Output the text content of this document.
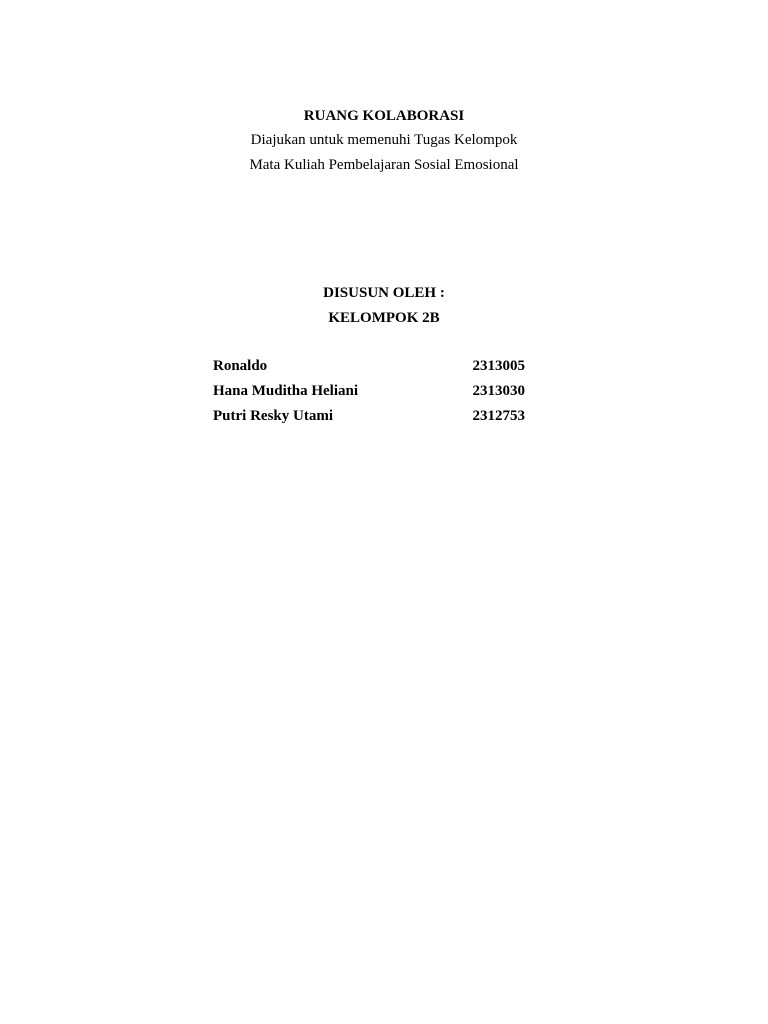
RUANG KOLABORASI
Diajukan untuk memenuhi Tugas Kelompok
Mata Kuliah Pembelajaran Sosial Emosional
DISUSUN OLEH :
KELOMPOK 2B
Ronaldo	2313005
Hana Muditha Heliani	2313030
Putri Resky Utami	2312753
